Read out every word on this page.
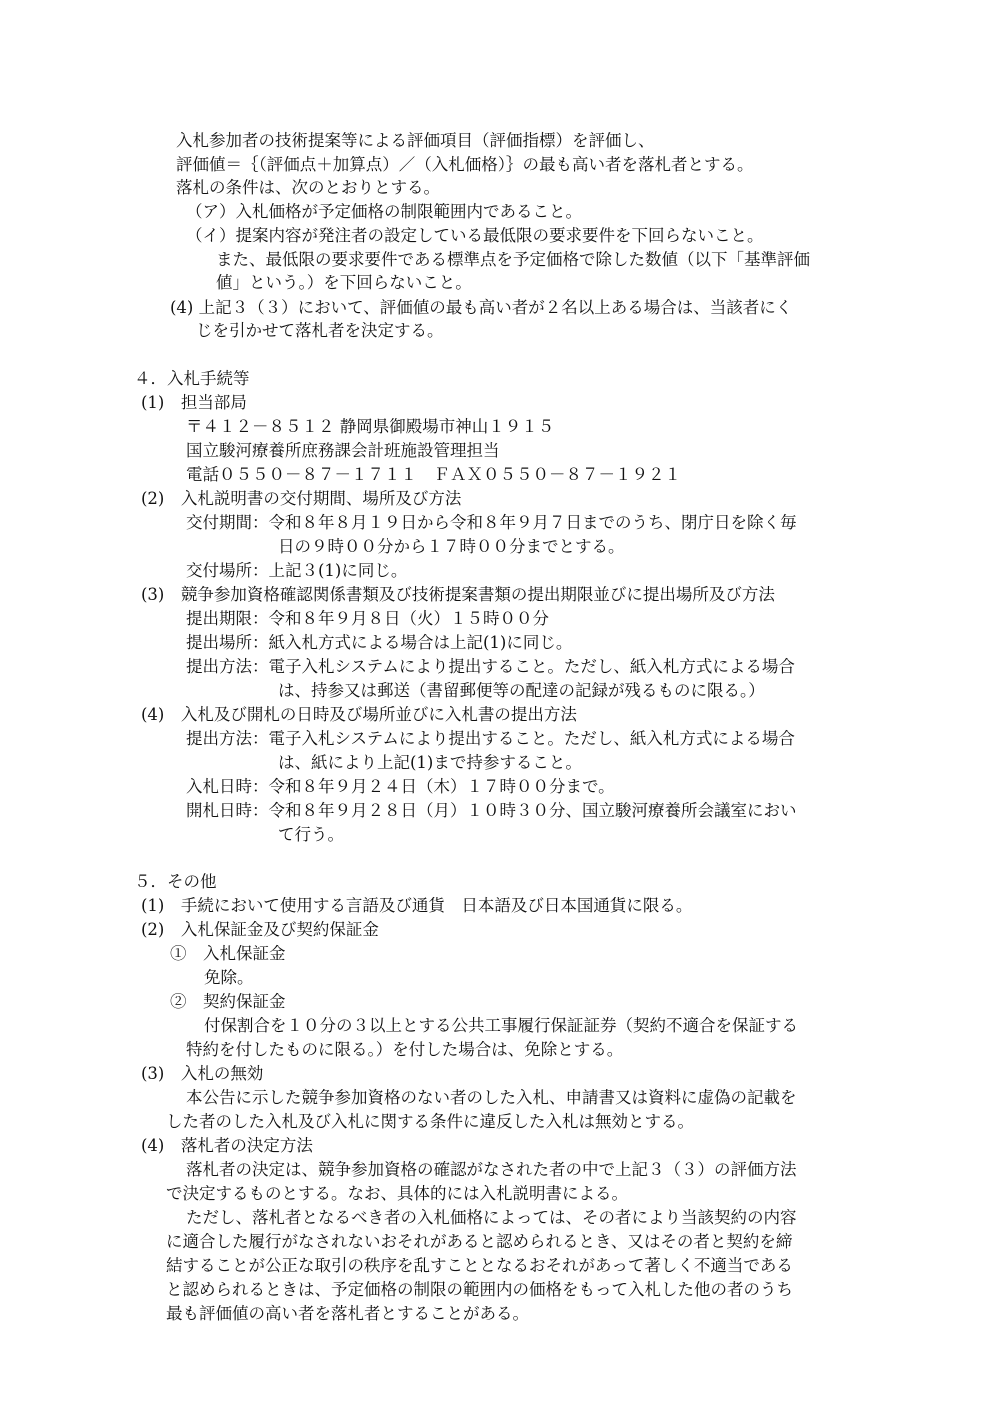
入札参加者の技術提案等による評価項目（評価指標）を評価し、
評価値＝｛（評価点＋加算点）／（入札価格）｝の最も高い者を落札者とする。
落札の条件は、次のとおりとする。
（ア）入札価格が予定価格の制限範囲内であること。
（イ）提案内容が発注者の設定している最低限の要求要件を下回らないこと。
また、最低限の要求要件である標準点を予定価格で除した数値（以下「基準評価
値」という。）を下回らないこと。
(4) 上記３（３）において、評価値の最も高い者が２名以上ある場合は、当該者にく
じを引かせて落札者を決定する。
４．入札手続等
(1)　担当部局
〒４１２－８５１２ 静岡県御殿場市神山１９１５
国立駿河療養所庶務課会計班施設管理担当
電話０５５０－８７－１７１１　ＦＡＸ０５５０－８７－１９２１
(2)　入札説明書の交付期間、場所及び方法
交付期間：令和８年８月１９日から令和８年９月７日までのうち、閉庁日を除く毎
日の９時００分から１７時００分までとする。
交付場所：上記３(1)に同じ。
(3)　競争参加資格確認関係書類及び技術提案書類の提出期限並びに提出場所及び方法
提出期限：令和８年９月８日（火）１５時００分
提出場所：紙入札方式による場合は上記(1)に同じ。
提出方法：電子入札システムにより提出すること。ただし、紙入札方式による場合
は、持参又は郵送（書留郵便等の配達の記録が残るものに限る。）
(4)　入札及び開札の日時及び場所並びに入札書の提出方法
提出方法：電子入札システムにより提出すること。ただし、紙入札方式による場合
は、紙により上記(1)まで持参すること。
入札日時：令和８年９月２４日（木）１７時００分まで。
開札日時：令和８年９月２８日（月）１０時３０分、国立駿河療養所会議室におい
て行う。
５．その他
(1)　手続において使用する言語及び通貨　日本語及び日本国通貨に限る。
(2)　入札保証金及び契約保証金
①　入札保証金
免除。
②　契約保証金
付保割合を１０分の３以上とする公共工事履行保証証券（契約不適合を保証する
特約を付したものに限る。）を付した場合は、免除とする。
(3)　入札の無効
本公告に示した競争参加資格のない者のした入札、申請書又は資料に虚偽の記載を
した者のした入札及び入札に関する条件に違反した入札は無効とする。
(4)　落札者の決定方法
落札者の決定は、競争参加資格の確認がなされた者の中で上記３（３）の評価方法
で決定するものとする。なお、具体的には入札説明書による。
ただし、落札者となるべき者の入札価格によっては、その者により当該契約の内容
に適合した履行がなされないおそれがあると認められるとき、又はその者と契約を締
結することが公正な取引の秩序を乱すこととなるおそれがあって著しく不適当である
と認められるときは、予定価格の制限の範囲内の価格をもって入札した他の者のうち
最も評価値の高い者を落札者とすることがある。
